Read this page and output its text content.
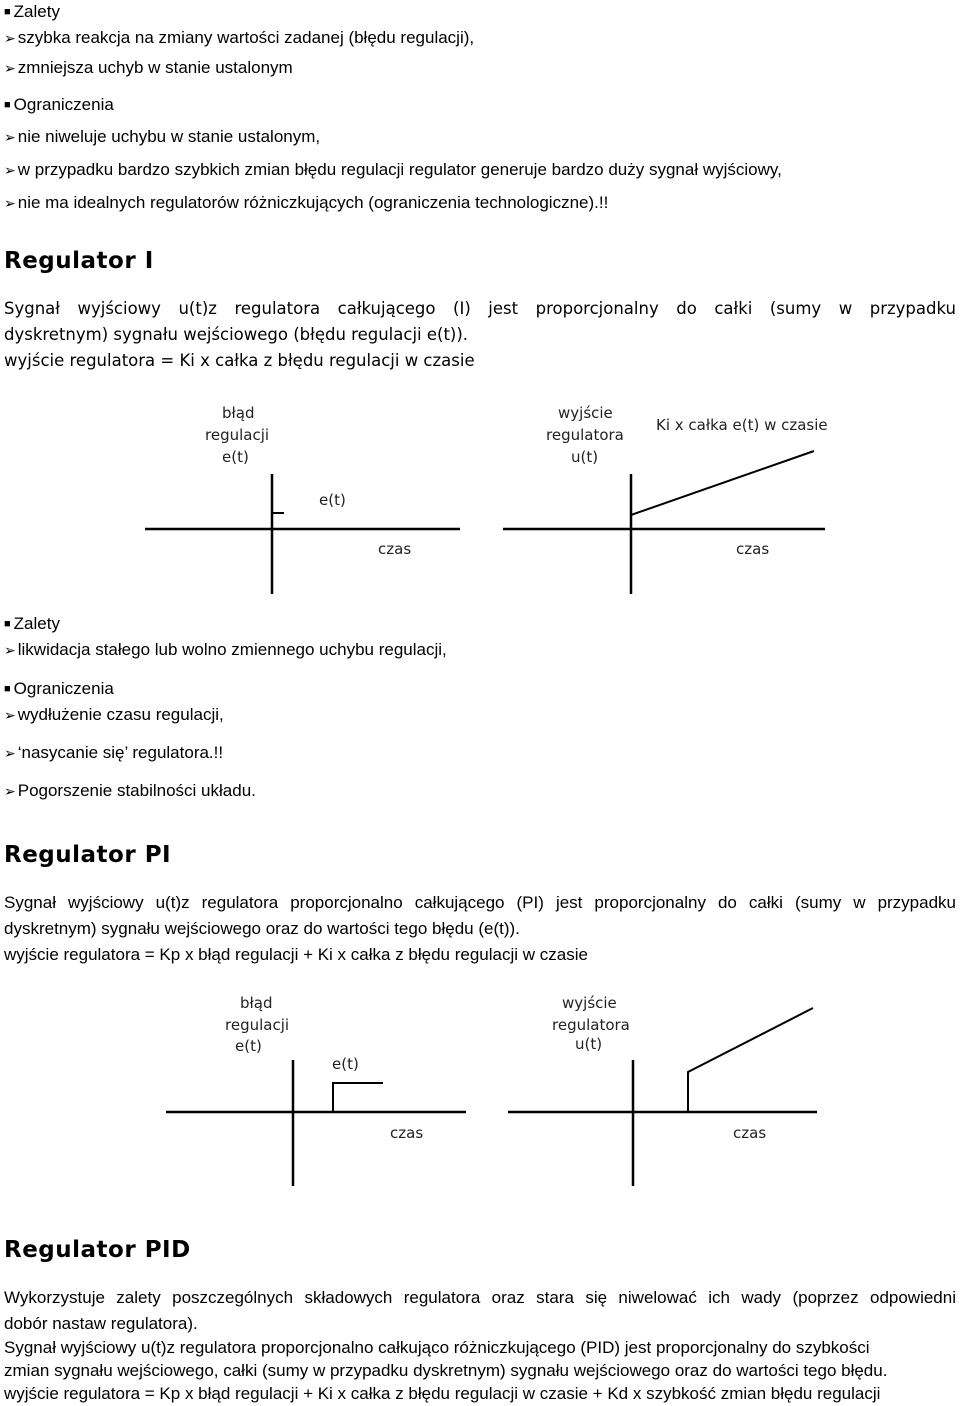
■ Zalety
➢ szybka reakcja na zmiany wartości zadanej (błędu regulacji),
➢ zmniejsza uchyb w stanie ustalonym
■ Ograniczenia
➢ nie niweluje uchybu w stanie ustalonym,
➢ w przypadku bardzo szybkich zmian błędu regulacji regulator generuje bardzo duży sygnał wyjściowy,
➢ nie ma idealnych regulatorów różniczkujących (ograniczenia technologiczne).!!
Regulator I
Sygnał wyjściowy u(t)z regulatora całkującego (I) jest proporcjonalny do całki (sumy w przypadku
dyskretnym) sygnału wejściowego (błędu regulacji e(t)).
wyjście regulatora = Ki x całka z błędu regulacji w czasie
błąd
regulacji
e(t)
e(t)
czas
wyjście
regulatora
u(t)
Ki x całka e(t) w czasie
czas
■ Zalety
➢ likwidacja stałego lub wolno zmiennego uchybu regulacji,
■ Ograniczenia
➢ wydłużenie czasu regulacji,
➢ ‘nasycanie się’ regulatora.!!
➢ Pogorszenie stabilności układu.
Regulator PI
Sygnał wyjściowy u(t)z regulatora proporcjonalno całkującego (PI) jest proporcjonalny do całki (sumy w przypadku
dyskretnym) sygnału wejściowego oraz do wartości tego błędu (e(t)).
wyjście regulatora = Kp x błąd regulacji + Ki x całka z błędu regulacji w czasie
błąd
regulacji
e(t)
e(t)
czas
wyjście
regulatora
u(t)
czas
Regulator PID
Wykorzystuje zalety poszczególnych składowych regulatora oraz stara się niwelować ich wady (poprzez odpowiedni
dobór nastaw regulatora).
Sygnał wyjściowy u(t)z regulatora proporcjonalno całkująco różniczkującego (PID) jest proporcjonalny do szybkości
zmian sygnału wejściowego, całki (sumy w przypadku dyskretnym) sygnału wejściowego oraz do wartości tego błędu.
wyjście regulatora = Kp x błąd regulacji + Ki x całka z błędu regulacji w czasie + Kd x szybkość zmian błędu regulacji
